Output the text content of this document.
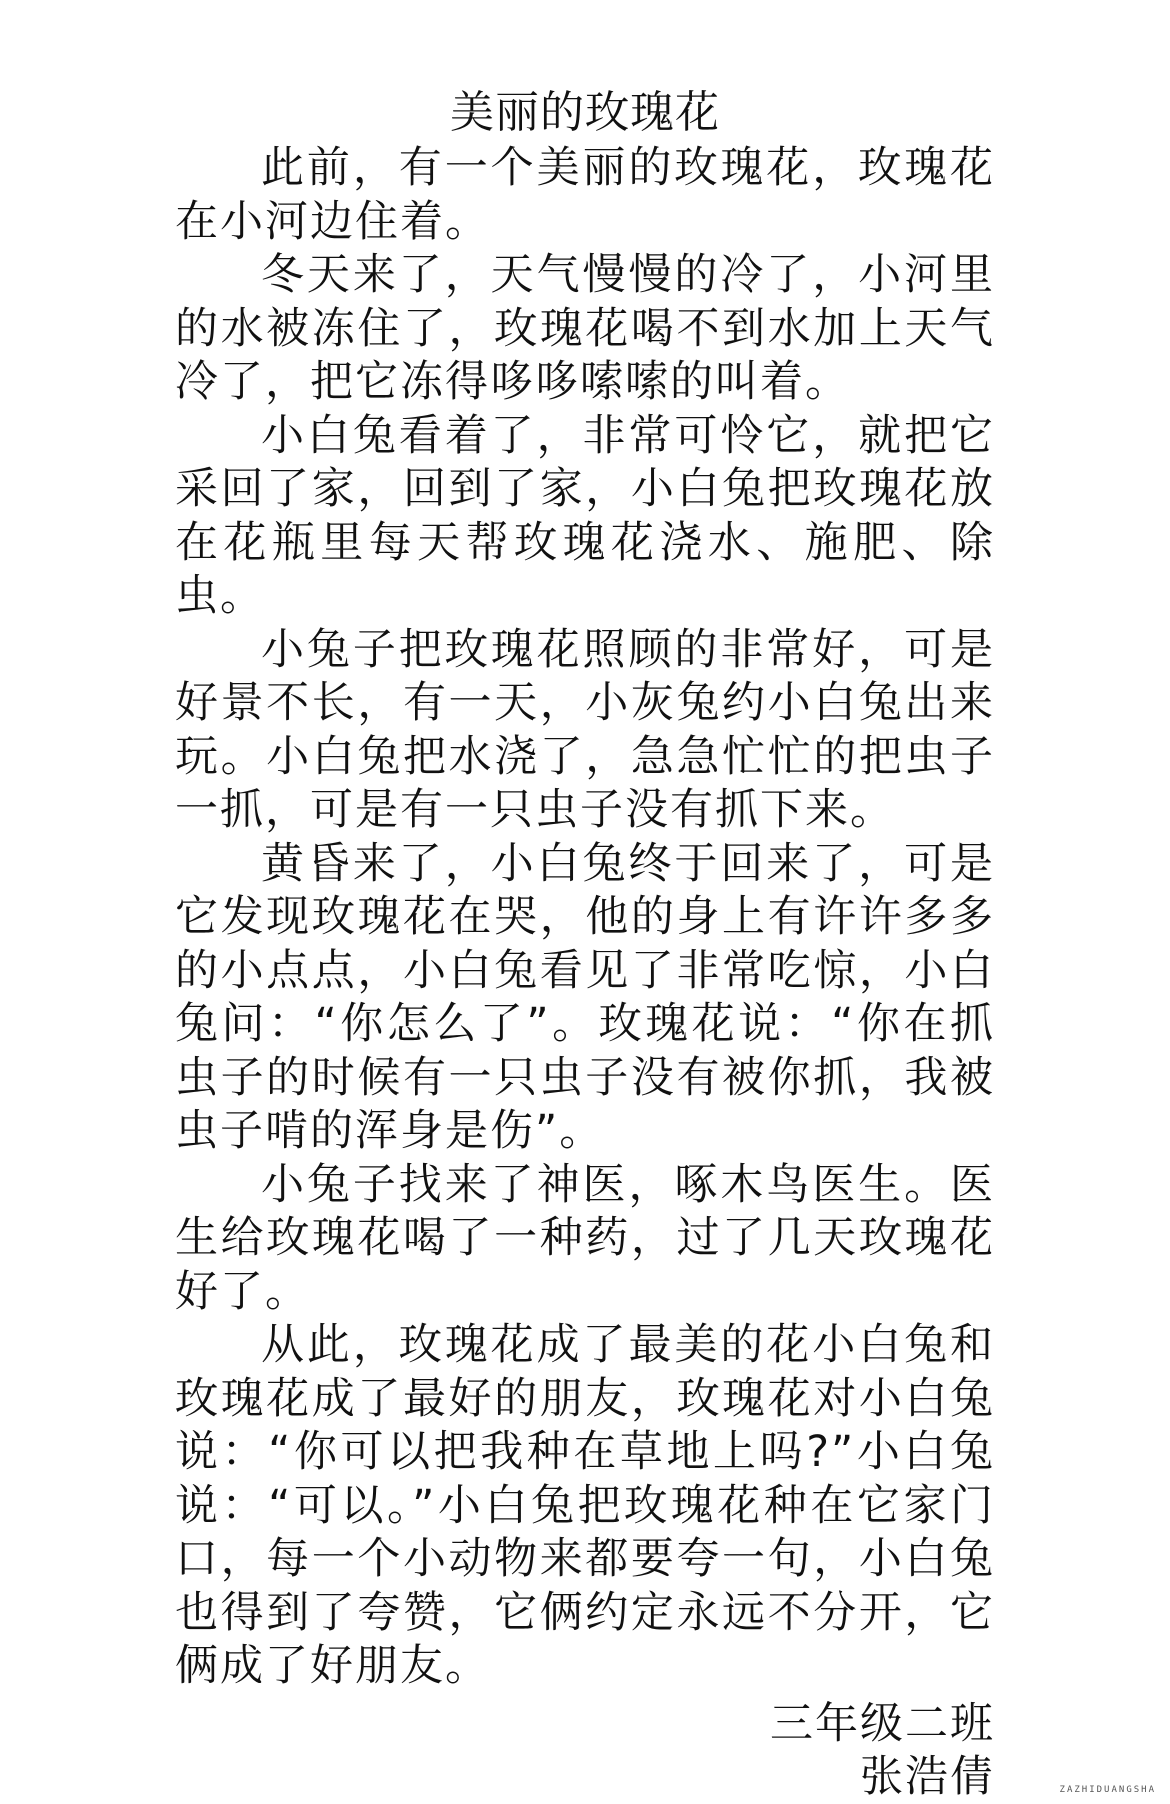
美丽的玫瑰花

此前，有一个美丽的玫瑰花，玫瑰花在小河边住着。

冬天来了，天气慢慢的冷了，小河里的水被冻住了，玫瑰花喝不到水加上天气冷了，把它冻得哆哆嗦嗦的叫着。

小白兔看着了，非常可怜它，就把它采回了家，回到了家，小白兔把玫瑰花放在花瓶里每天帮玫瑰花浇水、施肥、除虫。

小兔子把玫瑰花照顾的非常好，可是好景不长，有一天，小灰兔约小白兔出来玩。小白兔把水浇了，急急忙忙的把虫子一抓，可是有一只虫子没有抓下来。

黄昏来了，小白兔终于回来了，可是它发现玫瑰花在哭，他的身上有许许多多的小点点，小白兔看见了非常吃惊，小白兔问：“你怎么了”。玫瑰花说：“你在抓虫子的时候有一只虫子没有被你抓，我被虫子啃的浑身是伤”。

小兔子找来了神医，啄木鸟医生。医生给玫瑰花喝了一种药，过了几天玫瑰花好了。

从此，玫瑰花成了最美的花小白兔和玫瑰花成了最好的朋友，玫瑰花对小白兔说：“你可以把我种在草地上吗?”小白兔说：“可以。”小白兔把玫瑰花种在它家门口，每一个小动物来都要夸一句，小白兔也得到了夸赞，它俩约定永远不分开，它俩成了好朋友。

三年级二班

张浩倩	ZAZHIDUANGSHA
